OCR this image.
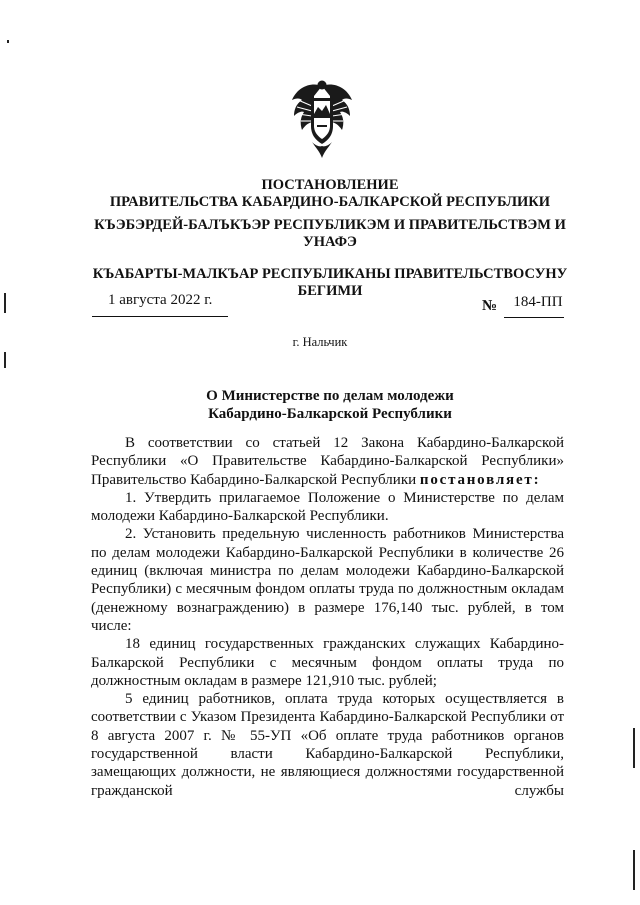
ПОСТАНОВЛЕНИЕ
ПРАВИТЕЛЬСТВА КАБАРДИНО-БАЛКАРСКОЙ РЕСПУБЛИКИ
КЪЭБЭРДЕЙ-БАЛЪКЪЭР РЕСПУБЛИКЭМ И ПРАВИТЕЛЬСТВЭМ И УНАФЭ
КЪАБАРТЫ-МАЛКЪАР РЕСПУБЛИКАНЫ ПРАВИТЕЛЬСТВОСУНУ БЕГИМИ
1 августа 2022 г.	№ 184-ПП
г. Нальчик
О Министерстве по делам молодежи
Кабардино-Балкарской Республики

В соответствии со статьей 12 Закона Кабардино-Балкарской Республики «О Правительстве Кабардино-Балкарской Республики» Правительство Кабардино-Балкарской Республики постановляет:

1. Утвердить прилагаемое Положение о Министерстве по делам молодежи Кабардино-Балкарской Республики.

2. Установить предельную численность работников Министерства по делам молодежи Кабардино-Балкарской Республики в количестве 26 единиц (включая министра по делам молодежи Кабардино-Балкарской Республики) с месячным фондом оплаты труда по должностным окладам (денежному вознаграждению) в размере 176,140 тыс. рублей, в том числе:

18 единиц государственных гражданских служащих Кабардино-Балкарской Республики с месячным фондом оплаты труда по должностным окладам в размере 121,910 тыс. рублей;

5 единиц работников, оплата труда которых осуществляется в соответствии с Указом Президента Кабардино-Балкарской Республики от 8 августа 2007 г. № 55-УП «Об оплате труда работников органов государственной власти Кабардино-Балкарской Республики, замещающих должности, не являющиеся должностями государственной гражданской службы
